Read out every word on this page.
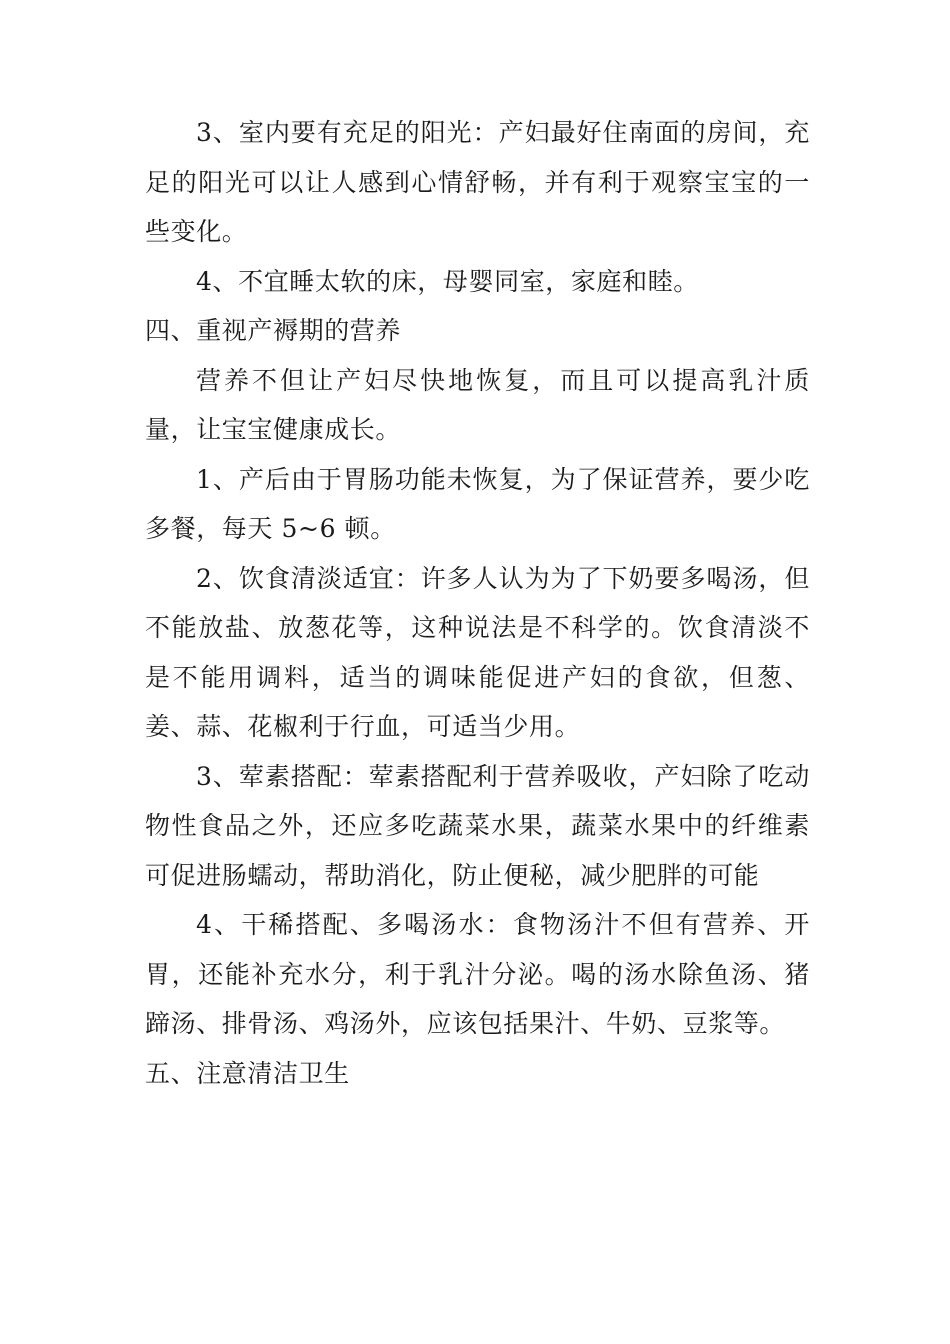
3、室内要有充足的阳光：产妇最好住南面的房间，充足的阳光可以让人感到心情舒畅，并有利于观察宝宝的一些变化。

4、不宜睡太软的床，母婴同室，家庭和睦。

四、重视产褥期的营养

营养不但让产妇尽快地恢复，而且可以提高乳汁质量，让宝宝健康成长。

1、产后由于胃肠功能未恢复，为了保证营养，要少吃多餐，每天 5~6 顿。

2、饮食清淡适宜：许多人认为为了下奶要多喝汤，但不能放盐、放葱花等，这种说法是不科学的。饮食清淡不是不能用调料，适当的调味能促进产妇的食欲，但葱、姜、蒜、花椒利于行血，可适当少用。

3、荤素搭配：荤素搭配利于营养吸收，产妇除了吃动物性食品之外，还应多吃蔬菜水果，蔬菜水果中的纤维素可促进肠蠕动，帮助消化，防止便秘，减少肥胖的可能

4、干稀搭配、多喝汤水：食物汤汁不但有营养、开胃，还能补充水分，利于乳汁分泌。喝的汤水除鱼汤、猪蹄汤、排骨汤、鸡汤外，应该包括果汁、牛奶、豆浆等。

五、注意清洁卫生
